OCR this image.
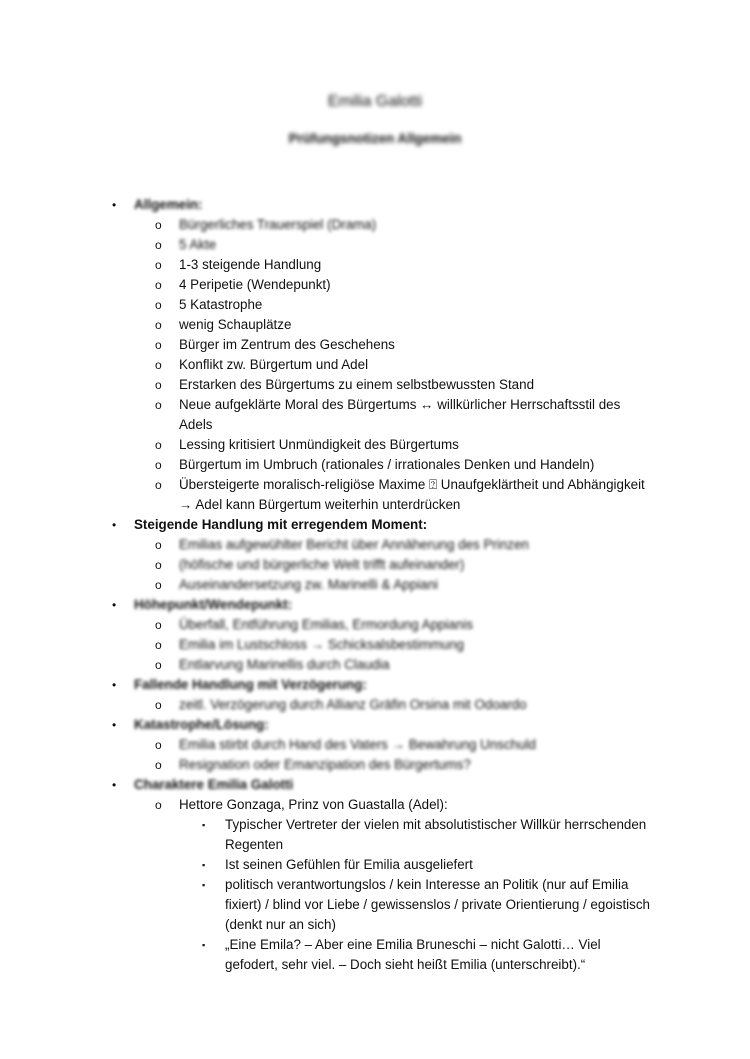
Emilia Galotti
Prüfungsnotizen Allgemein
•	Allgemein:
o Bürgerliches Trauerspiel (Drama)
o 5 Akte
o 1-3 steigende Handlung
o 4 Peripetie (Wendepunkt)
o 5 Katastrophe
o wenig Schauplätze
o Bürger im Zentrum des Geschehens
o Konflikt zw. Bürgertum und Adel
o Erstarken des Bürgertums zu einem selbstbewussten Stand
o Neue aufgeklärte Moral des Bürgertums ↔ willkürlicher Herrschaftsstil des Adels
o Lessing kritisiert Unmündigkeit des Bürgertums
o Bürgertum im Umbruch (rationales / irrationales Denken und Handeln)
o Übersteigerte moralisch-religiöse Maxime ⍰ Unaufgeklärtheit und Abhängigkeit → Adel kann Bürgertum weiterhin unterdrücken
•	Steigende Handlung mit erregendem Moment:
o Emilias aufgewühlter Bericht über Annäherung des Prinzen
o (höfische und bürgerliche Welt trifft aufeinander)
o Auseinandersetzung zw. Marinelli & Appiani
•	Höhepunkt/Wendepunkt:
o Überfall, Entführung Emilias, Ermordung Appianis
o Emilia im Lustschloss → Schicksalsbestimmung
o Entlarvung Marinellis durch Claudia
•	Fallende Handlung mit Verzögerung:
o zeitl. Verzögerung durch Allianz Gräfin Orsina mit Odoardo
•	Katastrophe/Lösung:
o Emilia stirbt durch Hand des Vaters → Bewahrung Unschuld
o Resignation oder Emanzipation des Bürgertums?
•	Charaktere Emilia Galotti
o Hettore Gonzaga, Prinz von Guastalla (Adel):
▪ Typischer Vertreter der vielen mit absolutistischer Willkür herrschenden Regenten
▪ Ist seinen Gefühlen für Emilia ausgeliefert
▪ politisch verantwortungslos / kein Interesse an Politik (nur auf Emilia fixiert) / blind vor Liebe / gewissenslos / private Orientierung / egoistisch (denkt nur an sich)
▪ „Eine Emila? – Aber eine Emilia Bruneschi – nicht Galotti… Viel gefodert, sehr viel. – Doch sieht heißt Emilia (unterschreibt).“
